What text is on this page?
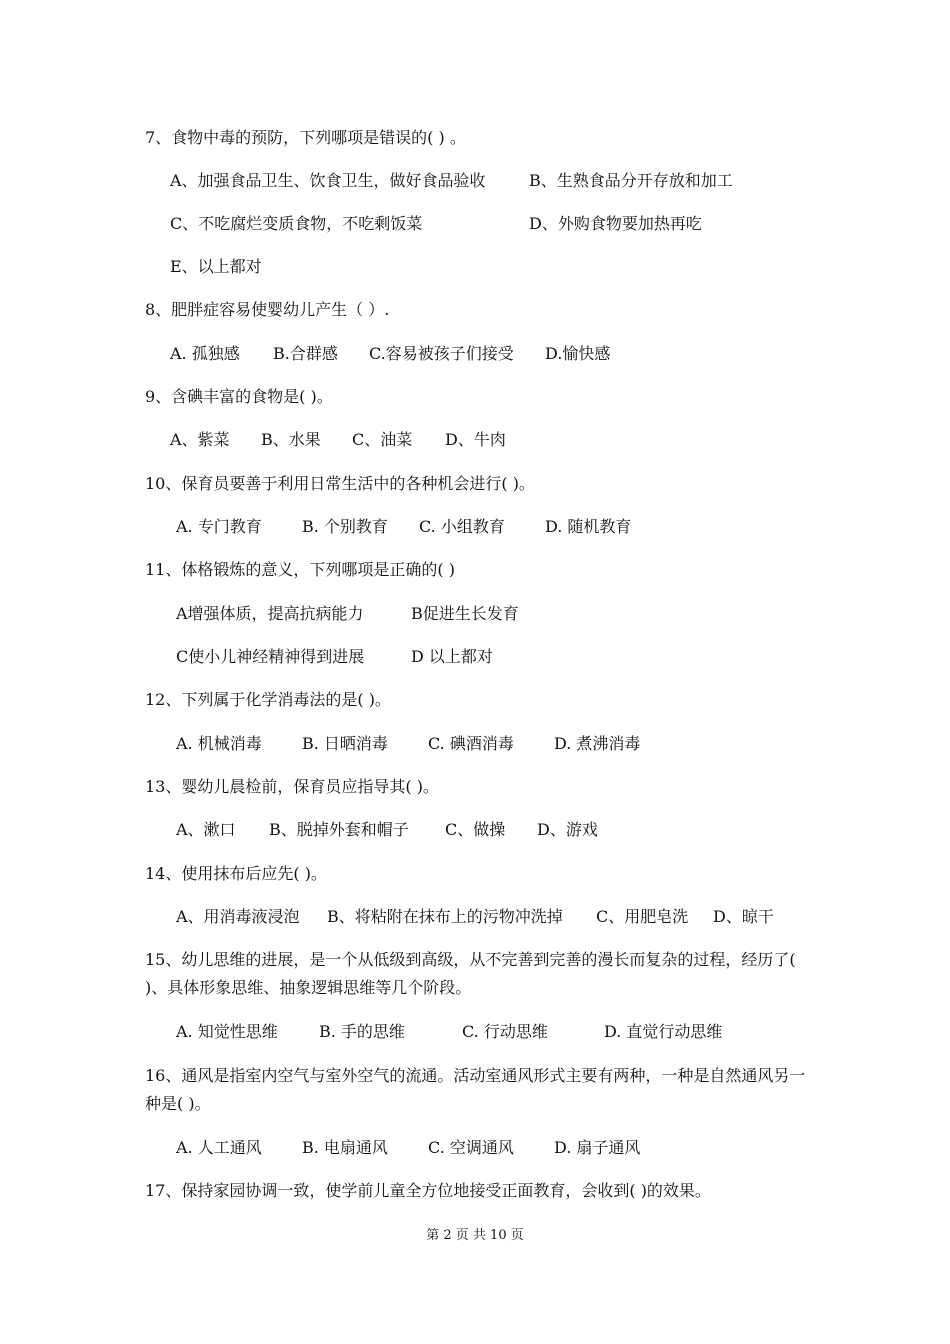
7、食物中毒的预防，下列哪项是错误的( ) 。
A、加强食品卫生、饮食卫生，做好食品验收	B、生熟食品分开存放和加工
C、不吃腐烂变质食物，不吃剩饭菜	D、外购食物要加热再吃
E、以上都对
8、肥胖症容易使婴幼儿产生（ ）.
A. 孤独感 B.合群感 C.容易被孩子们接受 D.愉快感
9、含碘丰富的食物是( )。
A、紫菜 B、水果 C、油菜 D、牛肉
10、保育员要善于利用日常生活中的各种机会进行( )。
A. 专门教育	B. 个别教育 C. 小组教育	D. 随机教育
11、体格锻炼的意义，下列哪项是正确的( )
A增强体质，提高抗病能力	B促进生长发育
C使小儿神经精神得到进展	D 以上都对
12、下列属于化学消毒法的是( )。
A. 机械消毒	B. 日晒消毒	C. 碘酒消毒	D. 煮沸消毒
13、婴幼儿晨检前，保育员应指导其( )。
A、漱口 B、脱掉外套和帽子 C、做操 D、游戏
14、使用抹布后应先( )。
A、用消毒液浸泡 B、将粘附在抹布上的污物冲洗掉 C、用肥皂洗 D、晾干
15、幼儿思维的进展，是一个从低级到高级，从不完善到完善的漫长而复杂的过程，经历了( )、具体形象思维、抽象逻辑思维等几个阶段。
A. 知觉性思维	B. 手的思维	C. 行动思维	D. 直觉行动思维
16、通风是指室内空气与室外空气的流通。活动室通风形式主要有两种，一种是自然通风另一种是( )。
A. 人工通风	B. 电扇通风	C. 空调通风	D. 扇子通风
17、保持家园协调一致，使学前儿童全方位地接受正面教育，会收到( )的效果。
第 2 页 共 10 页
